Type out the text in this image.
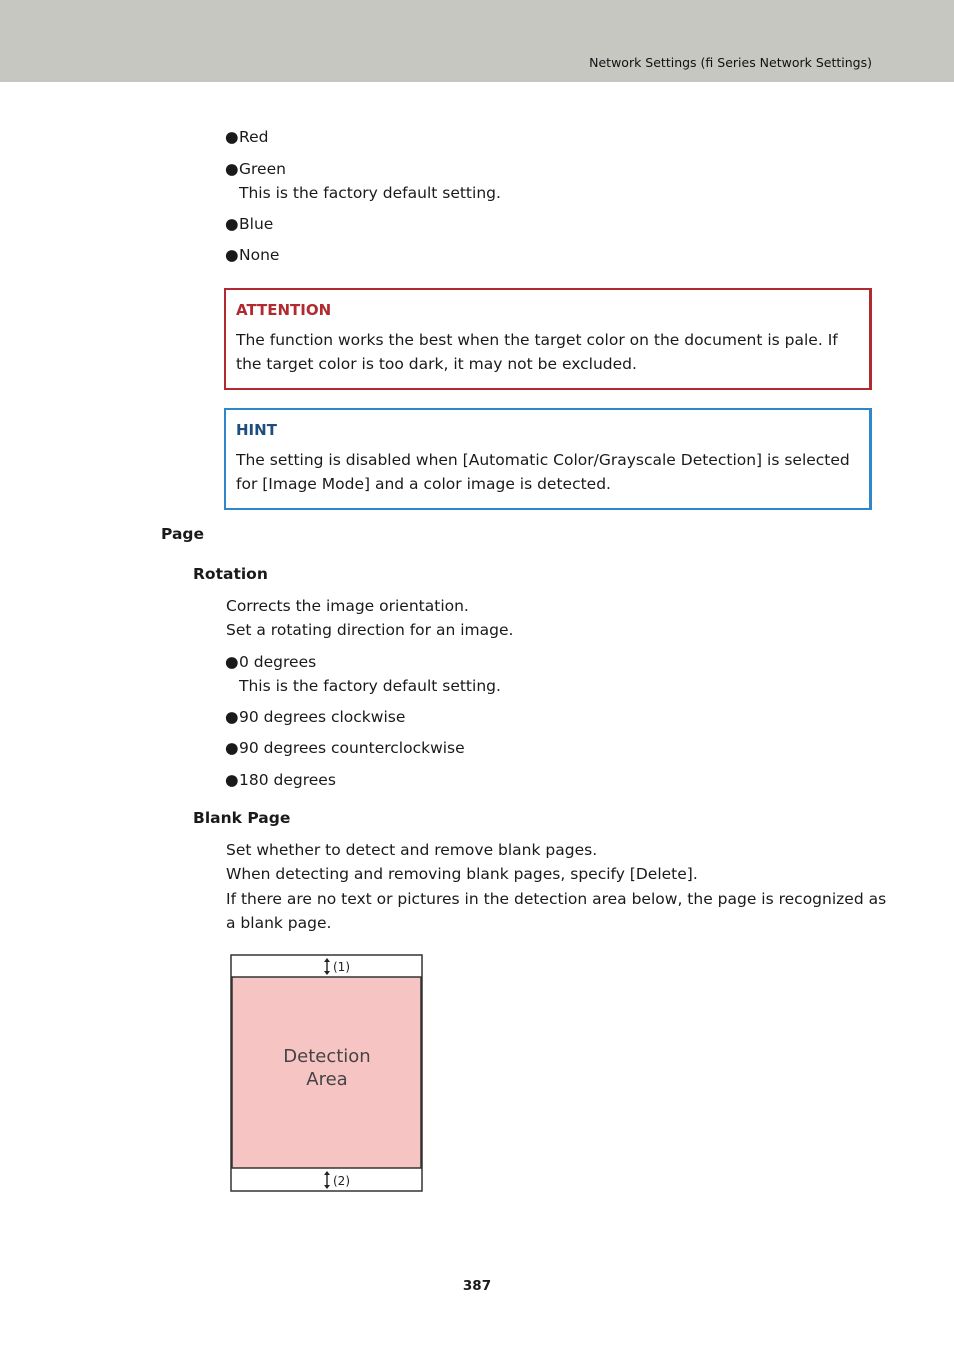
Network Settings (fi Series Network Settings)
●Red
●Green
This is the factory default setting.
●Blue
●None
ATTENTION
The function works the best when the target color on the document is pale. If the target color is too dark, it may not be excluded.
HINT
The setting is disabled when [Automatic Color/Grayscale Detection] is selected for [Image Mode] and a color image is detected.
Page
Rotation
Corrects the image orientation.
Set a rotating direction for an image.
●0 degrees
This is the factory default setting.
●90 degrees clockwise
●90 degrees counterclockwise
●180 degrees
Blank Page
Set whether to detect and remove blank pages.
When detecting and removing blank pages, specify [Delete].
If there are no text or pictures in the detection area below, the page is recognized as
a blank page.
(1)
Detection
Area
(2)
387
